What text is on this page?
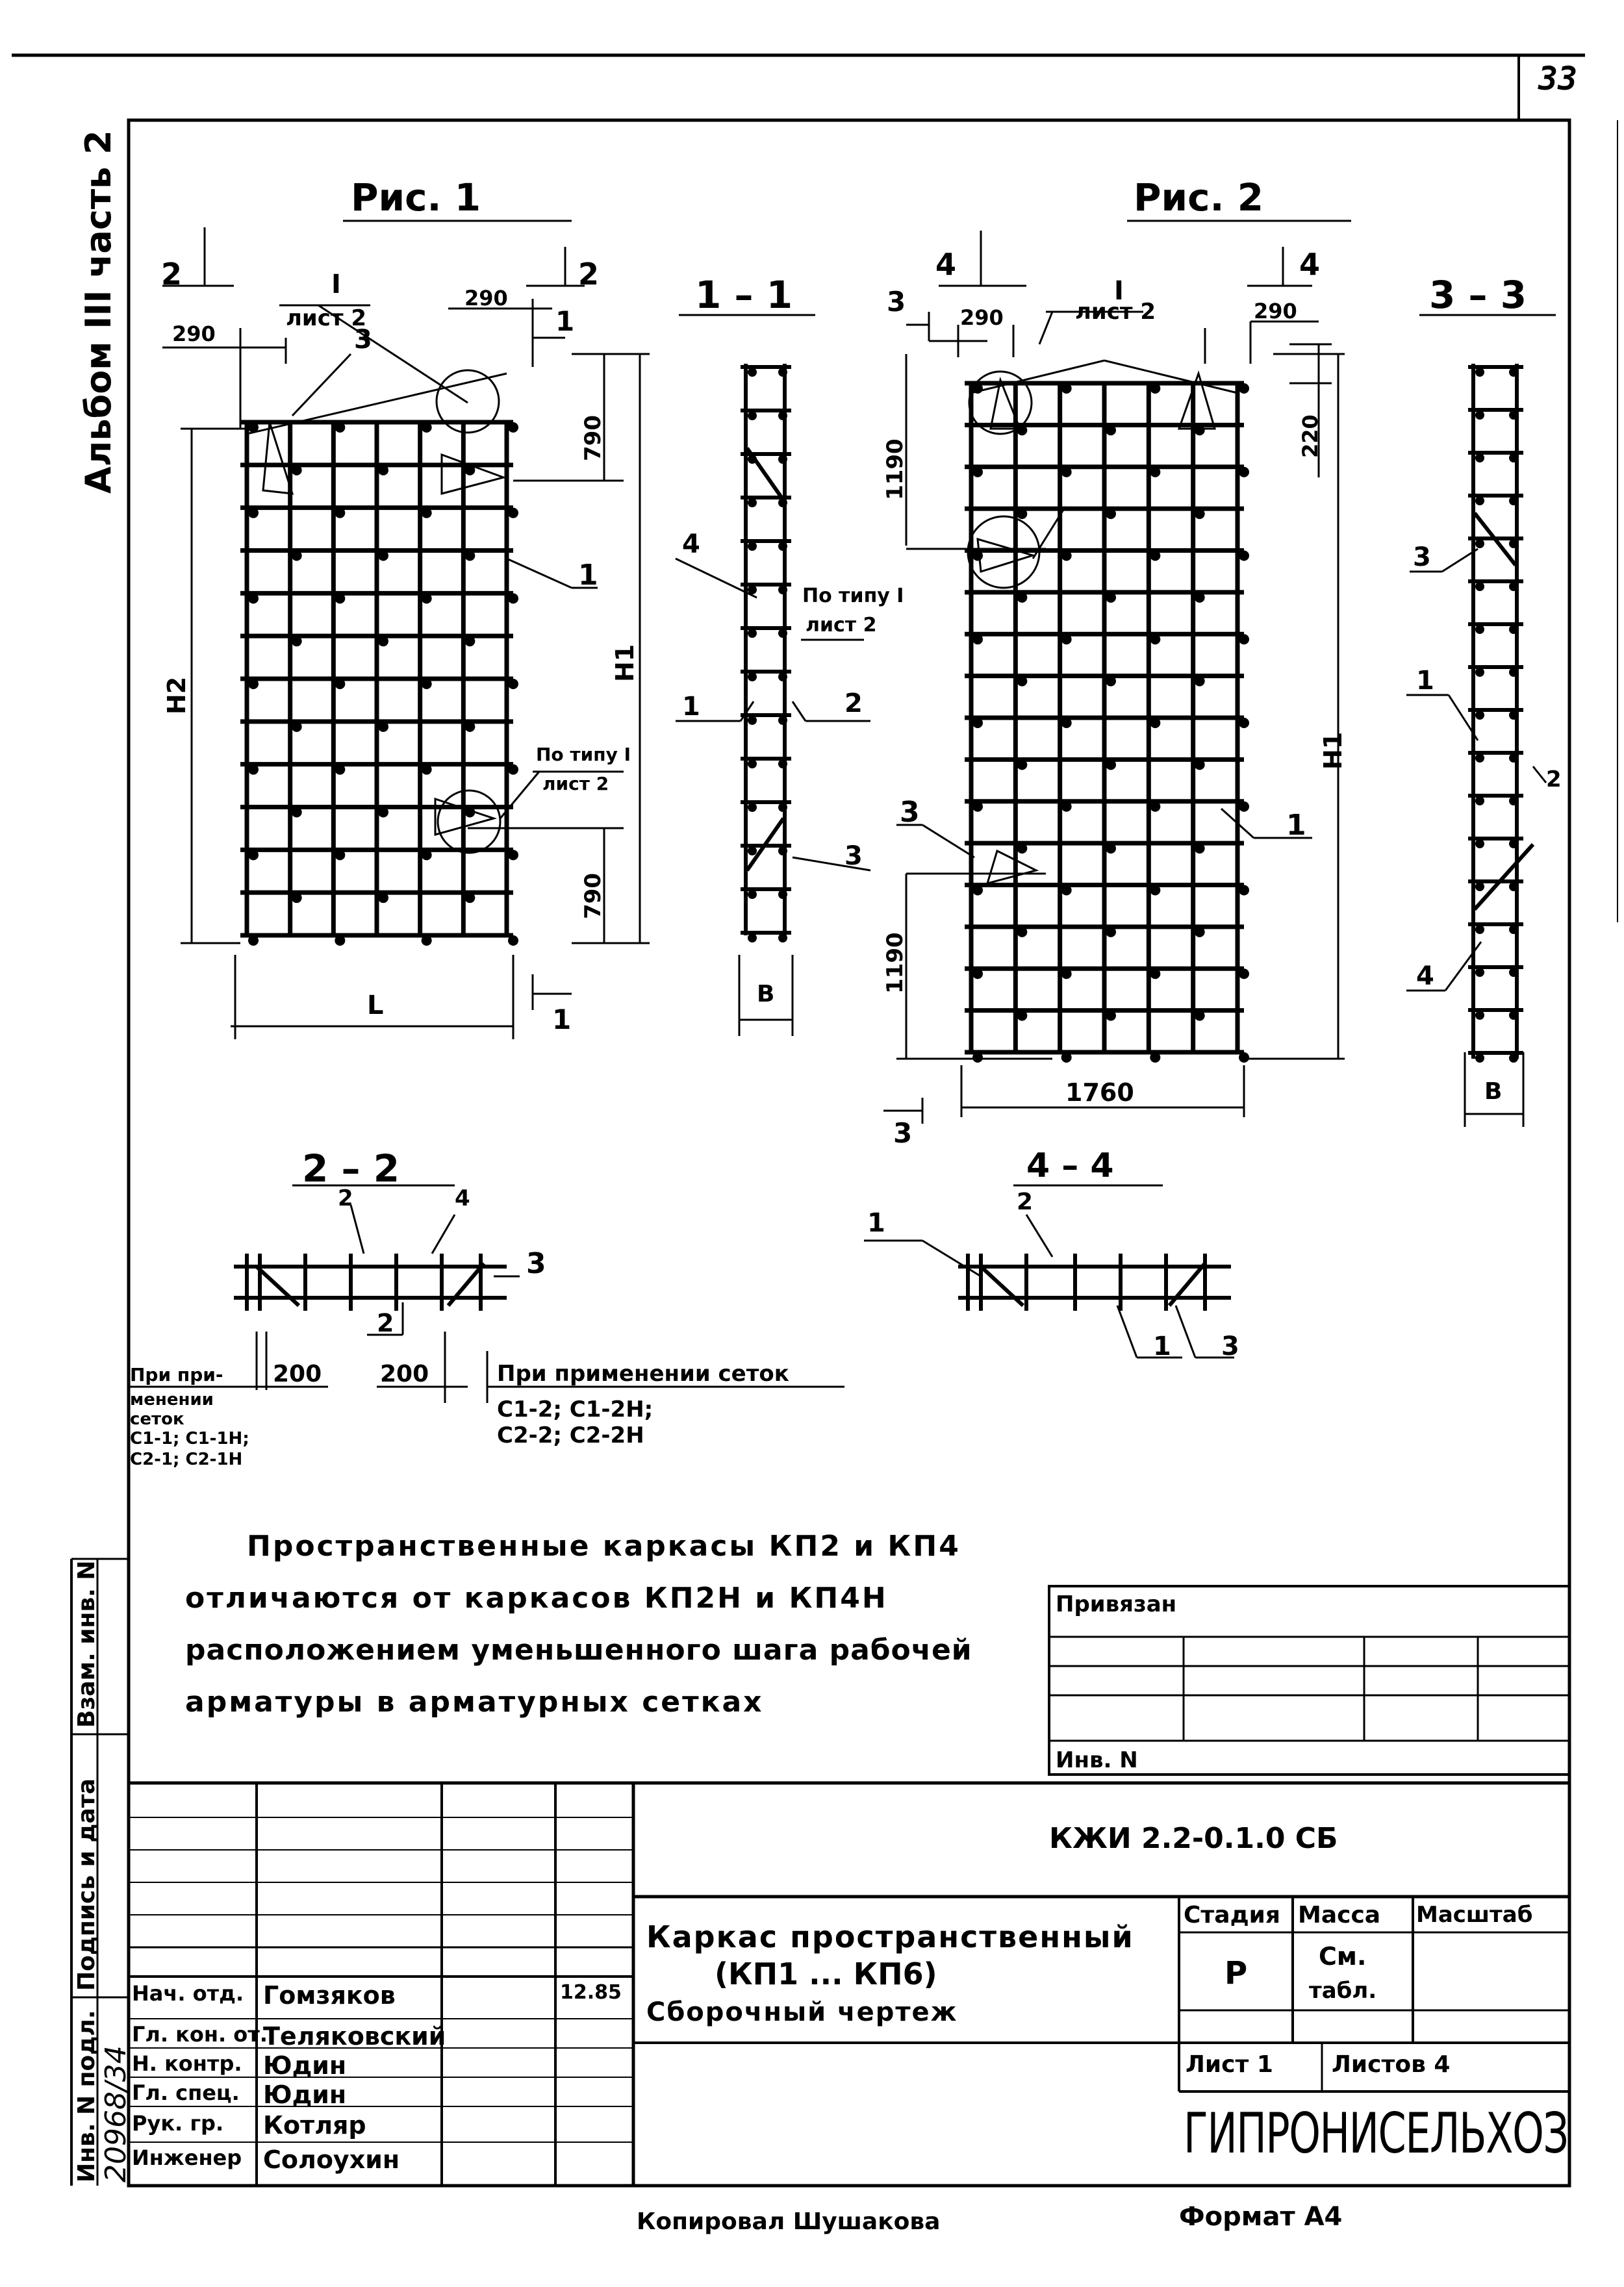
33
Альбом III часть 2	Рис. 1
2	2
1
1
290
290
I
лист 2
3
790
790
H2
H1
L
1
По типу I
лист 2
1 – 1
4
1	2
3
По типу I
лист 2
B
Рис. 2
4	4
3
3
290	290
220
1190
1190
H1
1760
I
лист 2
1
3
3 – 3
3
1
2
4
B
2 – 2
2	4
3
2
200 200
При при-
менении
сеток
С1-1; С1-1Н;
С2-1; С2-1Н
При применении сеток
С1-2; С1-2Н;
С2-2; С2-2Н
4 – 4
1
2
1 3
Пространственные каркасы КП2 и КП4
отличаются от каркасов КП2Н и КП4Н
расположением уменьшенного шага рабочей
арматуры в арматурных сетках
Привязан
Инв. N
Инв. N подл.
Подпись и дата
Взам. инв. N
20968/34
КЖИ 2.2-0.1.0 СБ
Каркас пространственный
(КП1 ... КП6)
Сборочный чертеж
Стадия Масса Масштаб
Р	См.
табл.
Лист 1	Листов 4
ГИПРОНИСЕЛЬХОЗ
Нач. отд. Гомзяков	12.85
Гл. кон. от.
Теляковский
Н. контр. Юдин
Гл. спец. Юдин
Рук. гр. Котляр
Инженер Солоухин
Копировал Шушакова	Формат А4
